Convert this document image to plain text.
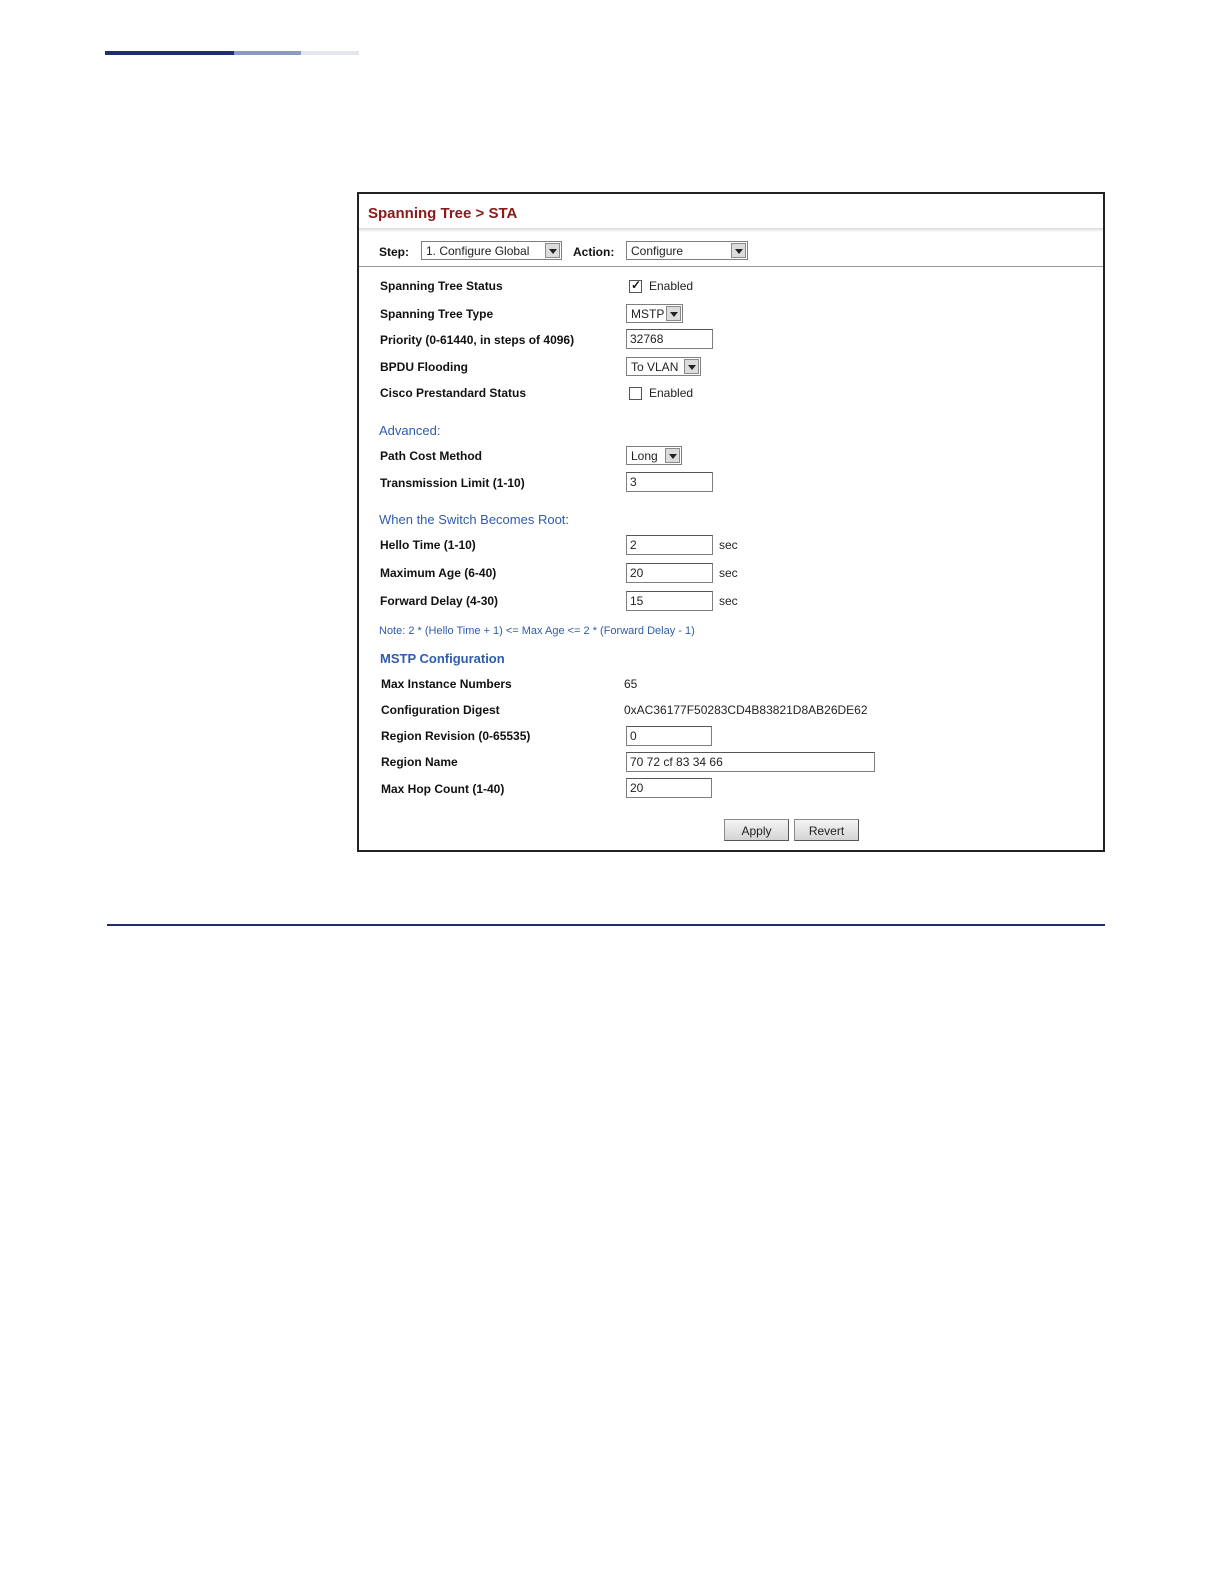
Spanning Tree > STA
Step: 1. Configure Global	Action: Configure
Spanning Tree Status	✓ Enabled
Spanning Tree Type	MSTP
Priority (0-61440, in steps of 4096)	32768
BPDU Flooding	To VLAN
Cisco Prestandard Status	Enabled
Advanced:
Path Cost Method	Long
Transmission Limit (1-10)	3
When the Switch Becomes Root:
Hello Time (1-10)	2	sec
Maximum Age (6-40)	20	sec
Forward Delay (4-30)	15	sec
Note: 2 * (Hello Time + 1) <= Max Age <= 2 * (Forward Delay - 1)
MSTP Configuration
Max Instance Numbers	65
Configuration Digest	0xAC36177F50283CD4B83821D8AB26DE62
Region Revision (0-65535)	0
Region Name	70 72 cf 83 34 66
Max Hop Count (1-40)	20
Apply	Revert
